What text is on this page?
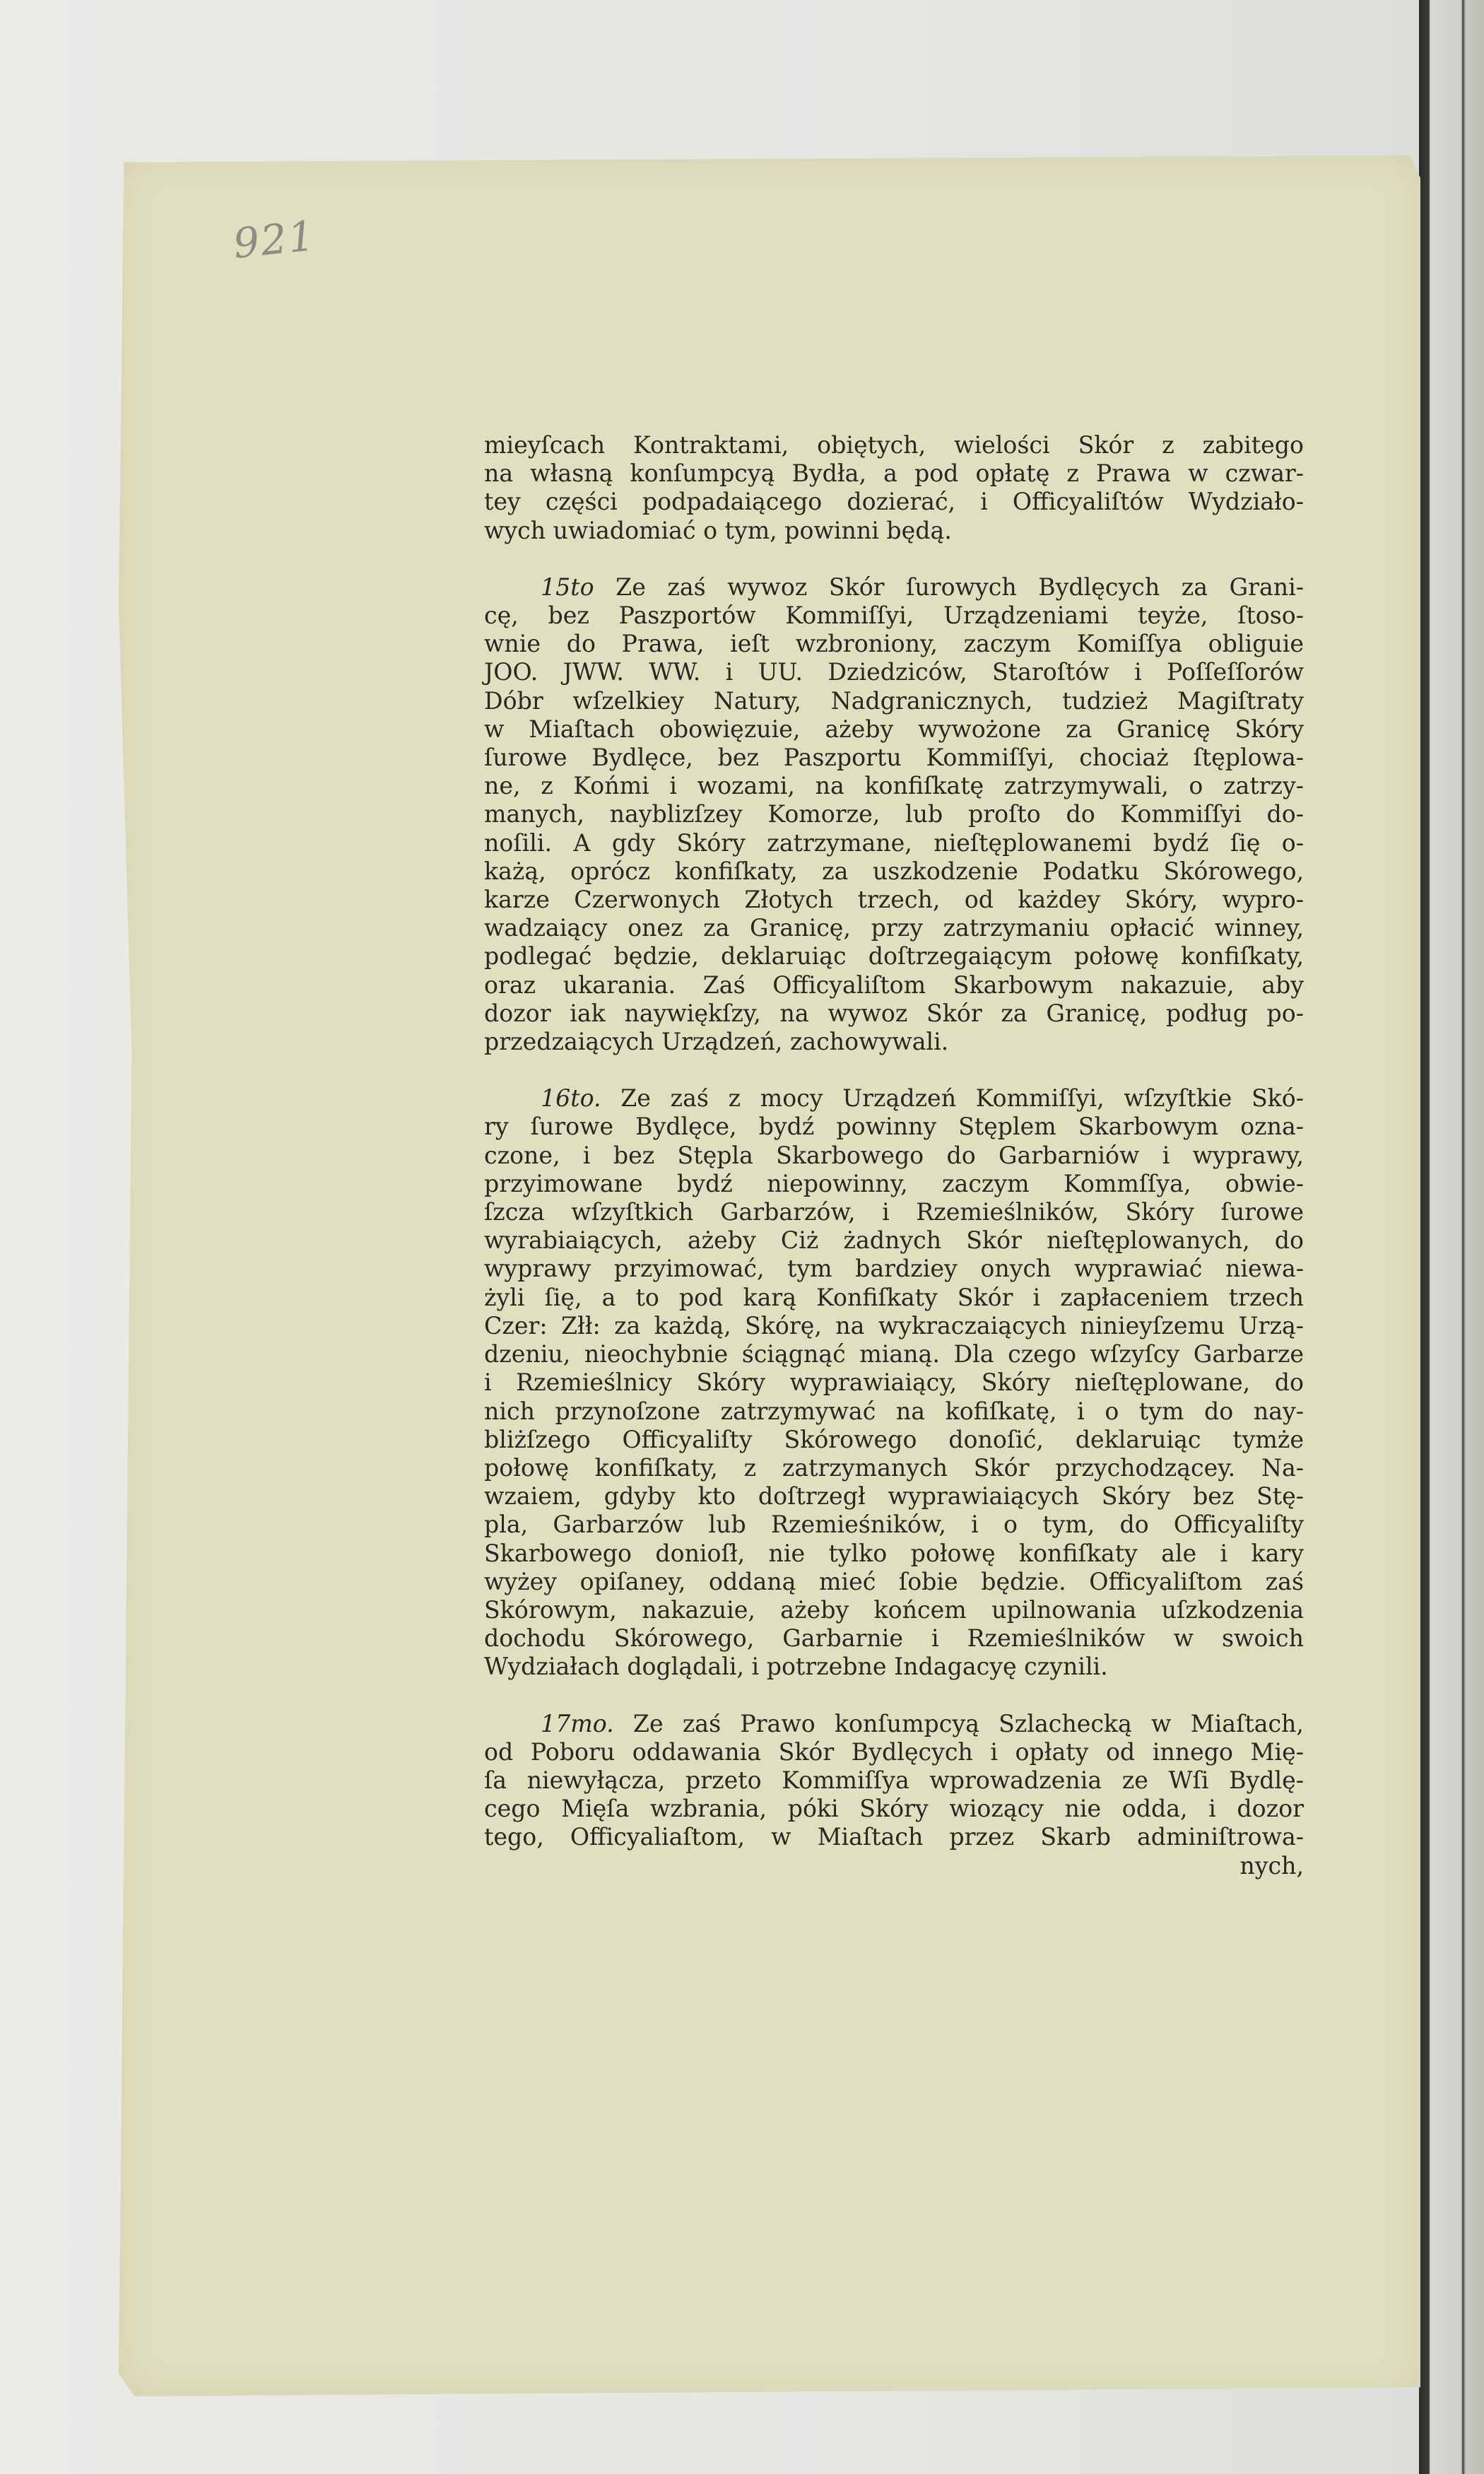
921
mieyſcach Kontraktami, obiętych, wielości Skór z zabitego
na własną konſumpcyą Bydła, a pod opłatę z Prawa w czwar-
tey części podpadaiącego dozierać, i Officyaliſtów Wydziało-
wych uwiadomiać o tym, powinni będą.
15to Ze zaś wywoz Skór ſurowych Bydlęcych za Grani-
cę, bez Paszportów Kommiſſyi, Urządzeniami teyże, ſtoso-
wnie do Prawa, ieſt wzbroniony, zaczym Komiſſya obliguie
JOO. JWW. WW. i UU. Dziedziców, Staroſtów i Poſſeſſorów
Dóbr wſzelkiey Natury, Nadgranicznych, tudzież Magiſtraty
w Miaſtach obowięzuie, ażeby wywożone za Granicę Skóry
ſurowe Bydlęce, bez Paszportu Kommiſſyi, chociaż ſtęplowa-
ne, z Końmi i wozami, na konfiſkatę zatrzymywali, o zatrzy-
manych, nayblizſzey Komorze, lub proſto do Kommiſſyi do-
noſili. A gdy Skóry zatrzymane, nieſtęplowanemi bydź ſię o-
każą, oprócz konfiſkaty, za uszkodzenie Podatku Skórowego,
karze Czerwonych Złotych trzech, od każdey Skóry, wypro-
wadzaiący onez za Granicę, przy zatrzymaniu opłacić winney,
podlegać będzie, deklaruiąc doſtrzegaiącym połowę konfiſkaty,
oraz ukarania. Zaś Officyaliſtom Skarbowym nakazuie, aby
dozor iak naywiękſzy, na wywoz Skór za Granicę, podług po-
przedzaiących Urządzeń, zachowywali.
16to. Ze zaś z mocy Urządzeń Kommiſſyi, wſzyſtkie Skó-
ry ſurowe Bydlęce, bydź powinny Stęplem Skarbowym ozna-
czone, i bez Stępla Skarbowego do Garbarniów i wyprawy,
przyimowane bydź niepowinny, zaczym Kommſſya, obwie-
ſzcza wſzyſtkich Garbarzów, i Rzemieślników, Skóry ſurowe
wyrabiaiących, ażeby Ciż żadnych Skór nieſtęplowanych, do
wyprawy przyimować, tym bardziey onych wyprawiać niewa-
żyli ſię, a to pod karą Konfiſkaty Skór i zapłaceniem trzech
Czer: Złł: za każdą, Skórę, na wykraczaiących ninieyſzemu Urzą-
dzeniu, nieochybnie ściągnąć mianą. Dla czego wſzyſcy Garbarze
i Rzemieślnicy Skóry wyprawiaiący, Skóry nieſtęplowane, do
nich przynoſzone zatrzymywać na kofiſkatę, i o tym do nay-
bliżſzego Officyaliſty Skórowego donoſić, deklaruiąc tymże
połowę konfiſkaty, z zatrzymanych Skór przychodzącey. Na-
wzaiem, gdyby kto doſtrzegł wyprawiaiących Skóry bez Stę-
pla, Garbarzów lub Rzemieśników, i o tym, do Officyaliſty
Skarbowego donioſł, nie tylko połowę konfiſkaty ale i kary
wyżey opiſaney, oddaną mieć ſobie będzie. Officyaliſtom zaś
Skórowym, nakazuie, ażeby końcem upilnowania uſzkodzenia
dochodu Skórowego, Garbarnie i Rzemieślników w swoich
Wydziałach doglądali, i potrzebne Indagacyę czynili.
17mo. Ze zaś Prawo konſumpcyą Szlachecką w Miaſtach,
od Poboru oddawania Skór Bydlęcych i opłaty od innego Mię-
ſa niewyłącza, przeto Kommiſſya wprowadzenia ze Wſi Bydlę-
cego Mięſa wzbrania, póki Skóry wiozący nie odda, i dozor
tego, Officyaliaſtom, w Miaſtach przez Skarb adminiſtrowa-
nych,
